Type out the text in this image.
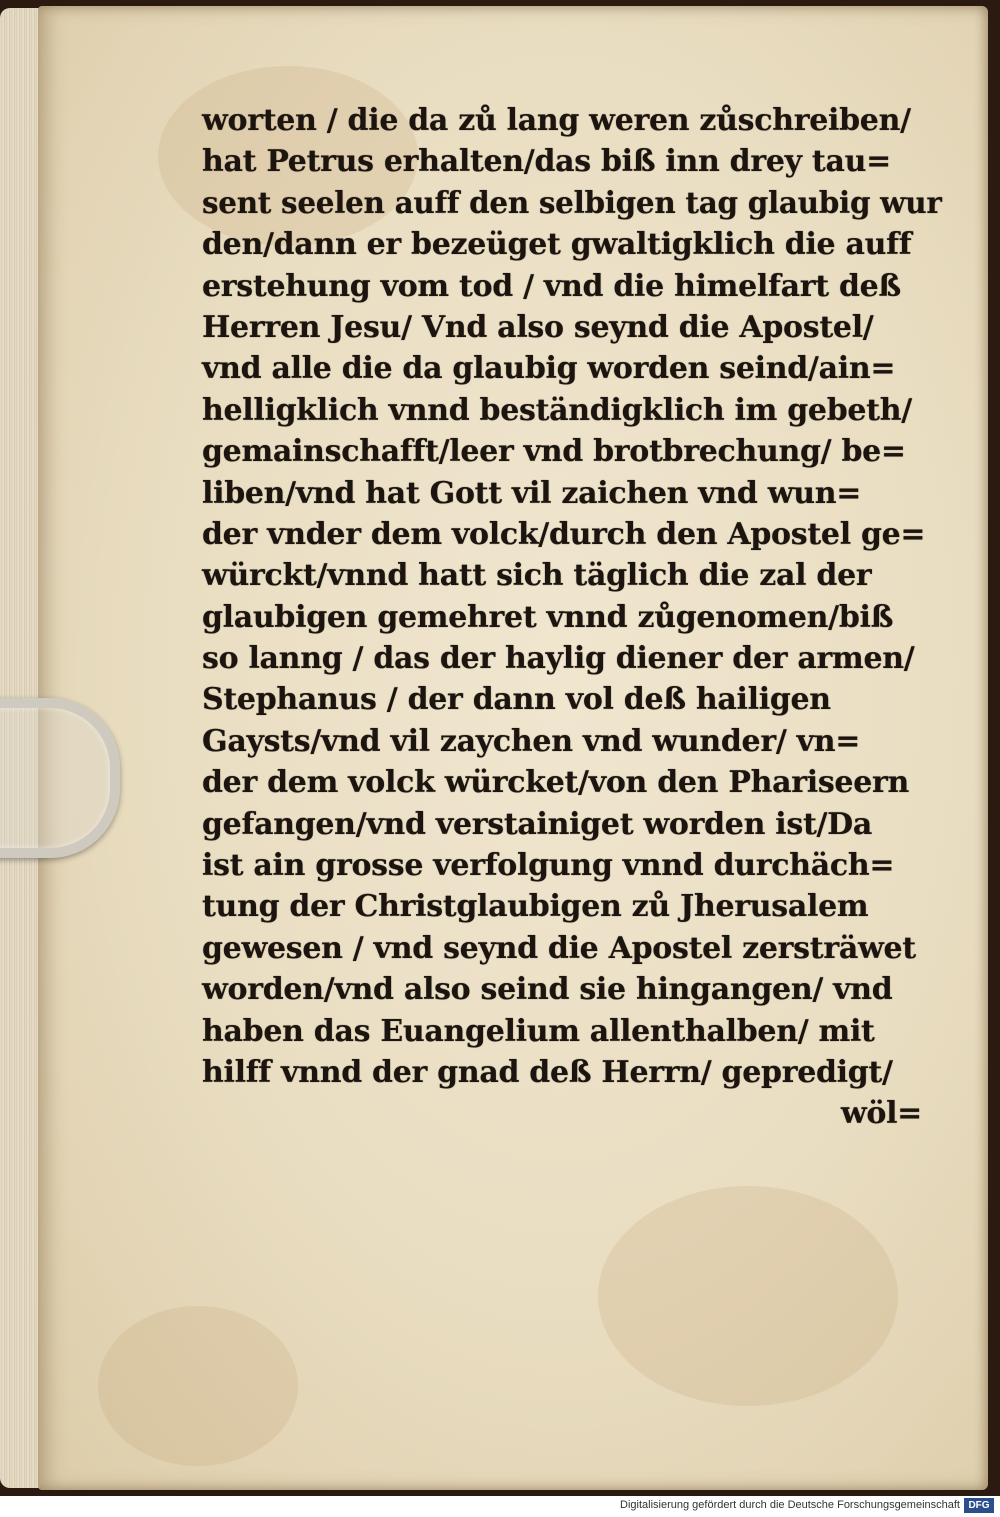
worten / die da zů lang weren zůschreiben/
hat Petrus erhalten/das biß inn drey tau=
sent seelen auff den selbigen tag glaubig wur
den/dann er bezeüget gwaltigklich die auff
erstehung vom tod / vnd die himelfart deß
Herren Jesu/ Vnd also seynd die Apostel/
vnd alle die da glaubig worden seind/ain=
helligklich vnnd beständigklich im gebeth/
gemainschafft/leer vnd brotbrechung/ be=
liben/vnd hat Gott vil zaichen vnd wun=
der vnder dem volck/durch den Apostel ge=
würckt/vnnd hatt sich täglich die zal der
glaubigen gemehret vnnd zůgenomen/biß
so lanng / das der haylig diener der armen/
Stephanus / der dann vol deß hailigen
Gaysts/vnd vil zaychen vnd wunder/ vn=
der dem volck würcket/von den Phariseern
gefangen/vnd verstainiget worden ist/Da
ist ain grosse verfolgung vnnd durchäch=
tung der Christglaubigen zů Jherusalem
gewesen / vnd seynd die Apostel zersträwet
worden/vnd also seind sie hingangen/ vnd
haben das Euangelium allenthalben/ mit
hilff vnnd der gnad deß Herrn/ gepredigt/
wöl=
Digitalisierung gefördert durch die Deutsche Forschungsgemeinschaft DFG
